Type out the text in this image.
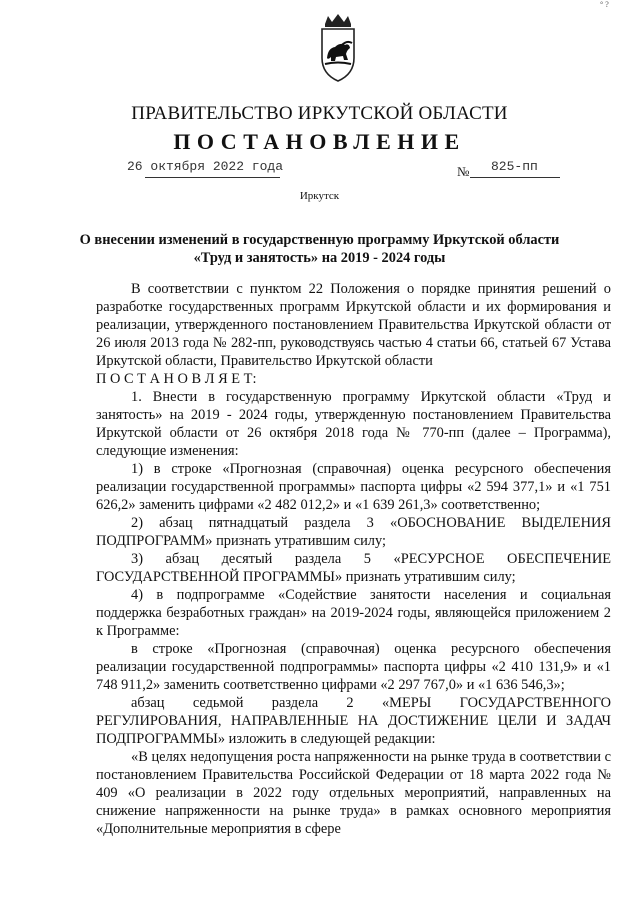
° ?
ПРАВИТЕЛЬСТВО ИРКУТСКОЙ ОБЛАСТИ
ПОСТАНОВЛЕНИЕ
26 октября 2022 года	№ 825-пп
Иркутск
О внесении изменений в государственную программу Иркутской области
«Труд и занятость» на 2019 - 2024 годы

В соответствии с пунктом 22 Положения о порядке принятия решений о разработке государственных программ Иркутской области и их формирования и реализации, утвержденного постановлением Правительства Иркутской области от 26 июля 2013 года № 282-пп, руководствуясь частью 4 статьи 66, статьей 67 Устава Иркутской области, Правительство Иркутской области

П О С Т А Н О В Л Я Е Т:

1. Внести в государственную программу Иркутской области «Труд и занятость» на 2019 - 2024 годы, утвержденную постановлением Правительства Иркутской области от 26 октября 2018 года № 770-пп (далее – Программа), следующие изменения:

1) в строке «Прогнозная (справочная) оценка ресурсного обеспечения реализации государственной программы» паспорта цифры «2 594 377,1» и «1 751 626,2» заменить цифрами «2 482 012,2» и «1 639 261,3» соответственно;

2) абзац пятнадцатый раздела 3 «ОБОСНОВАНИЕ ВЫДЕЛЕНИЯ ПОДПРОГРАММ» признать утратившим силу;

3) абзац десятый раздела 5 «РЕСУРСНОЕ ОБЕСПЕЧЕНИЕ ГОСУДАРСТВЕННОЙ ПРОГРАММЫ» признать утратившим силу;

4) в подпрограмме «Содействие занятости населения и социальная поддержка безработных граждан» на 2019-2024 годы, являющейся приложением 2 к Программе:

в строке «Прогнозная (справочная) оценка ресурсного обеспечения реализации государственной подпрограммы» паспорта цифры «2 410 131,9» и «1 748 911,2» заменить соответственно цифрами «2 297 767,0» и «1 636 546,3»;

абзац седьмой раздела 2 «МЕРЫ ГОСУДАРСТВЕННОГО РЕГУЛИРОВАНИЯ, НАПРАВЛЕННЫЕ НА ДОСТИЖЕНИЕ ЦЕЛИ И ЗАДАЧ ПОДПРОГРАММЫ» изложить в следующей редакции:

«В целях недопущения роста напряженности на рынке труда в соответствии с постановлением Правительства Российской Федерации от 18 марта 2022 года № 409 «О реализации в 2022 году отдельных мероприятий, направленных на снижение напряженности на рынке труда» в рамках основного мероприятия «Дополнительные мероприятия в сфере
